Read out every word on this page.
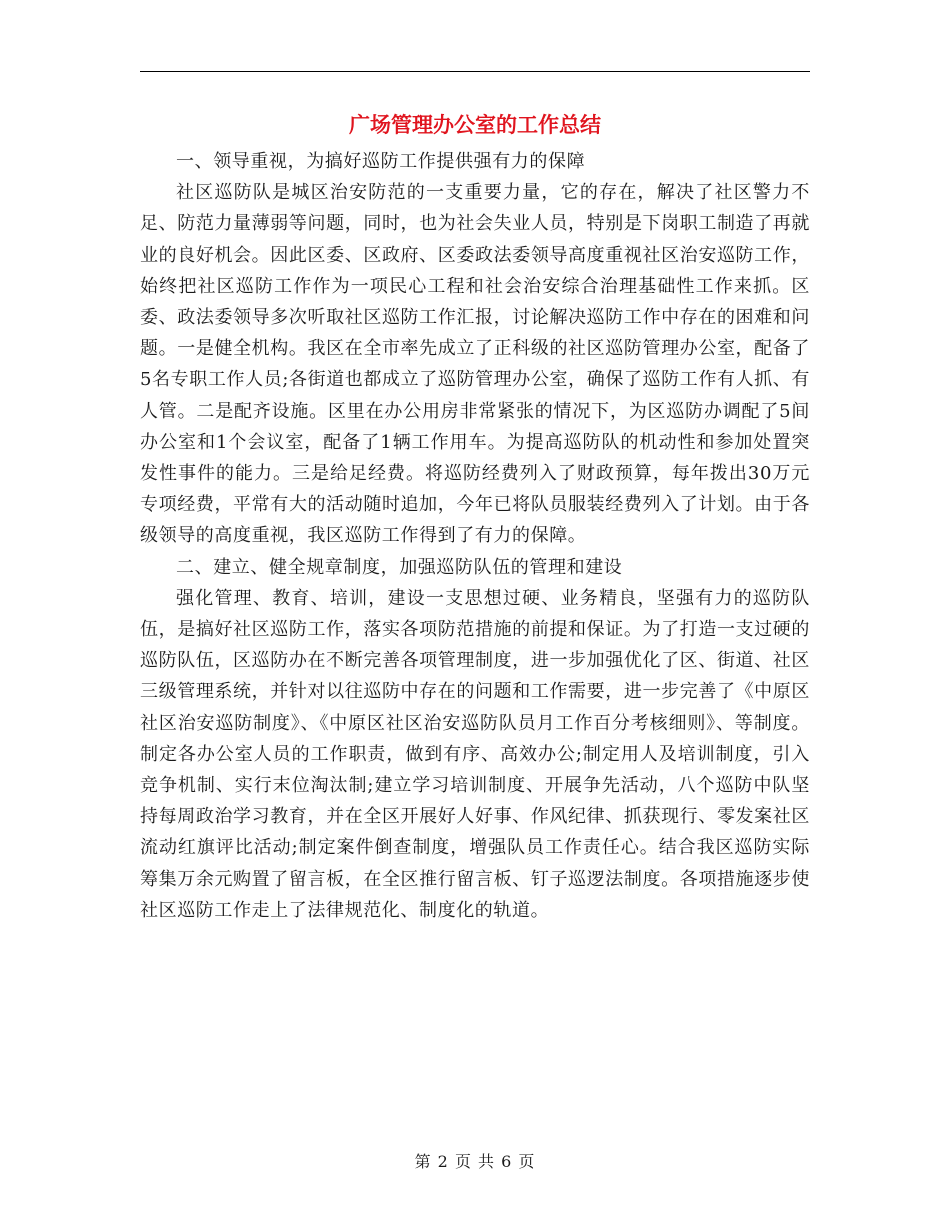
广场管理办公室的工作总结

一、领导重视，为搞好巡防工作提供强有力的保障

社区巡防队是城区治安防范的一支重要力量，它的存在，解决了社区警力不足、防范力量薄弱等问题，同时，也为社会失业人员，特别是下岗职工制造了再就业的良好机会。因此区委、区政府、区委政法委领导高度重视社区治安巡防工作，始终把社区巡防工作作为一项民心工程和社会治安综合治理基础性工作来抓。区委、政法委领导多次听取社区巡防工作汇报，讨论解决巡防工作中存在的困难和问题。一是健全机构。我区在全市率先成立了正科级的社区巡防管理办公室，配备了5名专职工作人员;各街道也都成立了巡防管理办公室，确保了巡防工作有人抓、有人管。二是配齐设施。区里在办公用房非常紧张的情况下，为区巡防办调配了5间办公室和1个会议室，配备了1辆工作用车。为提高巡防队的机动性和参加处置突发性事件的能力。三是给足经费。将巡防经费列入了财政预算，每年拨出30万元专项经费，平常有大的活动随时追加，今年已将队员服装经费列入了计划。由于各级领导的高度重视，我区巡防工作得到了有力的保障。

二、建立、健全规章制度，加强巡防队伍的管理和建设

强化管理、教育、培训，建设一支思想过硬、业务精良，坚强有力的巡防队伍，是搞好社区巡防工作，落实各项防范措施的前提和保证。为了打造一支过硬的巡防队伍，区巡防办在不断完善各项管理制度，进一步加强优化了区、街道、社区三级管理系统，并针对以往巡防中存在的问题和工作需要，进一步完善了《中原区社区治安巡防制度》、《中原区社区治安巡防队员月工作百分考核细则》、等制度。制定各办公室人员的工作职责，做到有序、高效办公;制定用人及培训制度，引入竞争机制、实行末位淘汰制;建立学习培训制度、开展争先活动，八个巡防中队坚持每周政治学习教育，并在全区开展好人好事、作风纪律、抓获现行、零发案社区流动红旗评比活动;制定案件倒查制度，增强队员工作责任心。结合我区巡防实际筹集万余元购置了留言板，在全区推行留言板、钉子巡逻法制度。各项措施逐步使社区巡防工作走上了法律规范化、制度化的轨道。

第 2 页 共 6 页
